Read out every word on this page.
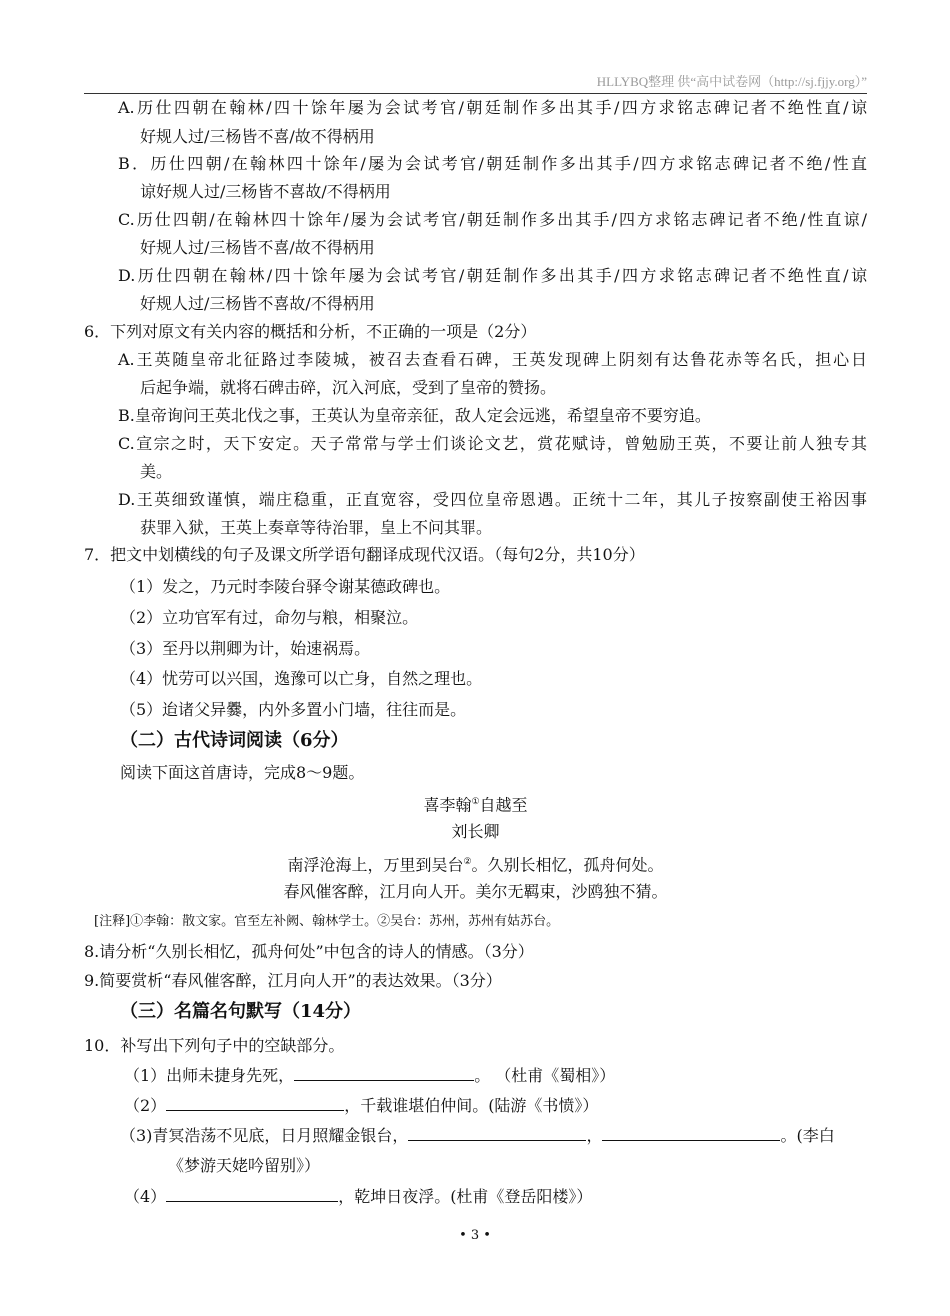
HLLYBQ整理 供“高中试卷网（http://sj.fjjy.org）”
A.历仕四朝在翰林/四十馀年屡为会试考官/朝廷制作多出其手/四方求铭志碑记者不绝性直/谅
好规人过/三杨皆不喜/故不得柄用
B．历仕四朝/在翰林四十馀年/屡为会试考官/朝廷制作多出其手/四方求铭志碑记者不绝/性直
谅好规人过/三杨皆不喜故/不得柄用
C.历仕四朝/在翰林四十馀年/屡为会试考官/朝廷制作多出其手/四方求铭志碑记者不绝/性直谅/
好规人过/三杨皆不喜/故不得柄用
D.历仕四朝在翰林/四十馀年屡为会试考官/朝廷制作多出其手/四方求铭志碑记者不绝性直/谅
好规人过/三杨皆不喜故/不得柄用
6．下列对原文有关内容的概括和分析，不正确的一项是（2分）
A.王英随皇帝北征路过李陵城，被召去查看石碑，王英发现碑上阴刻有达鲁花赤等名氏，担心日
后起争端，就将石碑击碎，沉入河底，受到了皇帝的赞扬。
B.皇帝询问王英北伐之事，王英认为皇帝亲征，敌人定会远逃，希望皇帝不要穷追。
C.宣宗之时，天下安定。天子常常与学士们谈论文艺，赏花赋诗，曾勉励王英，不要让前人独专其
美。
D.王英细致谨慎，端庄稳重，正直宽容，受四位皇帝恩遇。正统十二年，其儿子按察副使王裕因事
获罪入狱，王英上奏章等待治罪，皇上不问其罪。
7．把文中划横线的句子及课文所学语句翻译成现代汉语。（每句2分，共10分）
（1）发之，乃元时李陵台驿令谢某德政碑也。
（2）立功官军有过，命勿与粮，相聚泣。
（3）至丹以荆卿为计，始速祸焉。
（4）忧劳可以兴国，逸豫可以亡身，自然之理也。
（5）迨诸父异爨，内外多置小门墙，往往而是。
（二）古代诗词阅读（6分）
阅读下面这首唐诗，完成8～9题。
喜李翰①自越至
刘长卿
南浮沧海上，万里到吴台②。久别长相忆，孤舟何处。
春风催客醉，江月向人开。美尔无羁束，沙鸥独不猜。
[注释]①李翰：散文家。官至左补阙、翰林学士。②吴台：苏州，苏州有姑苏台。
8.请分析“久别长相忆，孤舟何处”中包含的诗人的情感。（3分）
9.简要赏析“春风催客醉，江月向人开”的表达效果。（3分）
（三）名篇名句默写（14分）
10．补写出下列句子中的空缺部分。
（1）出师未捷身先死，	。 （杜甫《蜀相》）
（2）	，千载谁堪伯仲间。(陆游《书愤》）
（3)青冥浩荡不见底，日月照耀金银台，	，	。(李白
《梦游天姥吟留别》）
（4）	，乾坤日夜浮。(杜甫《登岳阳楼》）
• 3 •
